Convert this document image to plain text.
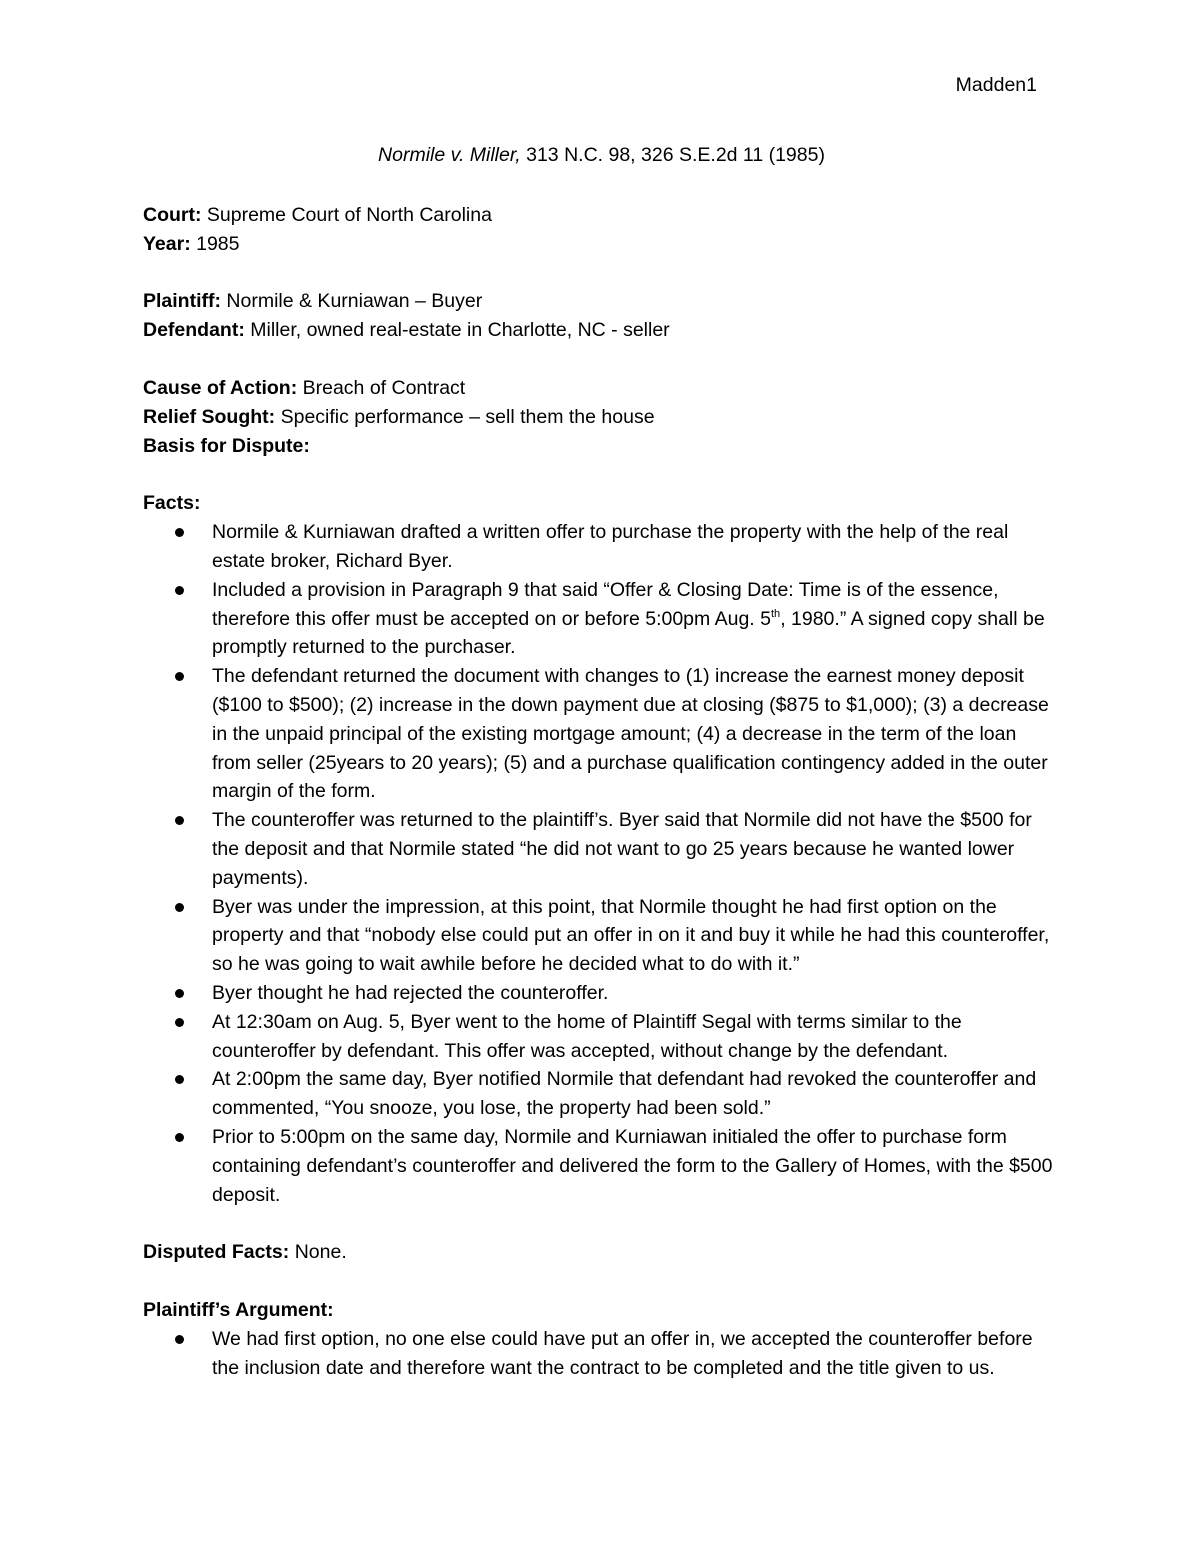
Madden1

Normile v. Miller, 313 N.C. 98, 326 S.E.2d 11 (1985)

Court: Supreme Court of North Carolina

Year: 1985

Plaintiff: Normile & Kurniawan – Buyer

Defendant: Miller, owned real-estate in Charlotte, NC - seller

Cause of Action: Breach of Contract

Relief Sought: Specific performance – sell them the house

Basis for Dispute:

Facts:

Normile & Kurniawan drafted a written offer to purchase the property with the help of the real estate broker, Richard Byer.
Included a provision in Paragraph 9 that said “Offer & Closing Date: Time is of the essence, therefore this offer must be accepted on or before 5:00pm Aug. 5th, 1980.” A signed copy shall be promptly returned to the purchaser.
The defendant returned the document with changes to (1) increase the earnest money deposit ($100 to $500); (2) increase in the down payment due at closing ($875 to $1,000); (3) a decrease in the unpaid principal of the existing mortgage amount; (4) a decrease in the term of the loan from seller (25years to 20 years); (5) and a purchase qualification contingency added in the outer margin of the form.
The counteroffer was returned to the plaintiff’s. Byer said that Normile did not have the $500 for the deposit and that Normile stated “he did not want to go 25 years because he wanted lower payments).
Byer was under the impression, at this point, that Normile thought he had first option on the property and that “nobody else could put an offer in on it and buy it while he had this counteroffer, so he was going to wait awhile before he decided what to do with it.”
Byer thought he had rejected the counteroffer.
At 12:30am on Aug. 5, Byer went to the home of Plaintiff Segal with terms similar to the counteroffer by defendant. This offer was accepted, without change by the defendant.
At 2:00pm the same day, Byer notified Normile that defendant had revoked the counteroffer and commented, “You snooze, you lose, the property had been sold.”
Prior to 5:00pm on the same day, Normile and Kurniawan initialed the offer to purchase form containing defendant’s counteroffer and delivered the form to the Gallery of Homes, with the $500 deposit.

Disputed Facts: None.

Plaintiff’s Argument:

We had first option, no one else could have put an offer in, we accepted the counteroffer before the inclusion date and therefore want the contract to be completed and the title given to us.
